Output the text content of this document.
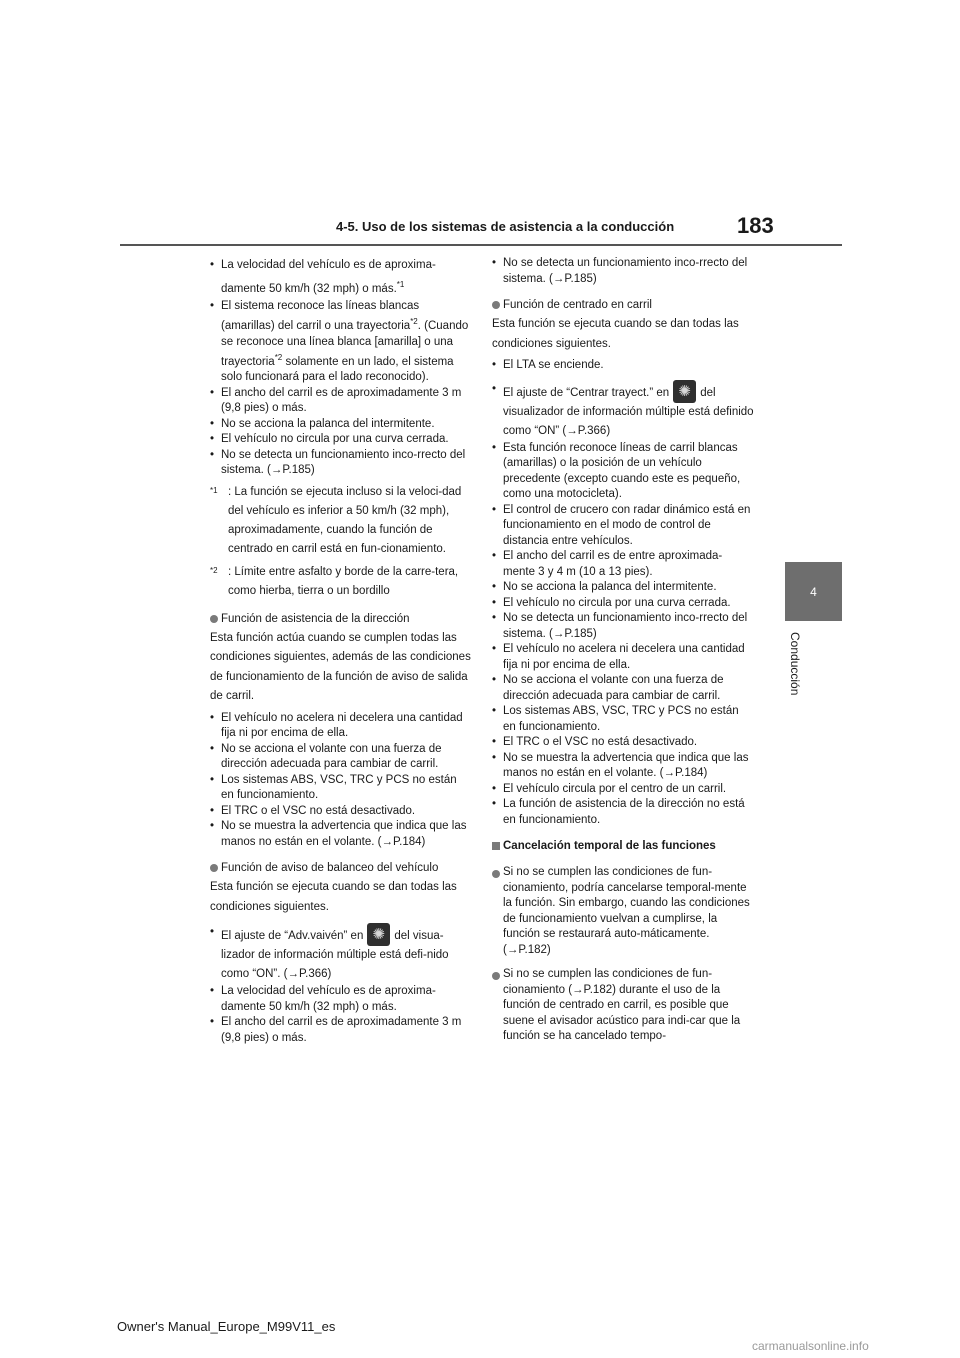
4-5. Uso de los sistemas de asistencia a la conducción	183
4
Conducción

• La velocidad del vehículo es de aproxima-damente 50 km/h (32 mph) o más.$^{*1}$

• El sistema reconoce las líneas blancas (amarillas) del carril o una trayectoria$^{*2}$. (Cuando se reconoce una línea blanca [amarilla] o una trayectoria$^{*2}$ solamente en un lado, el sistema solo funcionará para el lado reconocido).

• El ancho del carril es de aproximadamente 3 m (9,8 pies) o más.

• No se acciona la palanca del intermitente.

• El vehículo no circula por una curva cerrada.

• No se detecta un funcionamiento inco-rrecto del sistema. (→P.185)

*1 : La función se ejecuta incluso si la veloci-dad del vehículo es inferior a 50 km/h (32 mph), aproximadamente, cuando la función de centrado en carril está en fun-cionamiento.
*2 : Límite entre asfalto y borde de la carre-tera, como hierba, tierra o un bordillo
Función de asistencia de la dirección

Esta función actúa cuando se cumplen todas las condiciones siguientes, además de las condiciones de funcionamiento de la función de aviso de salida de carril.

• El vehículo no acelera ni decelera una cantidad fija ni por encima de ella.

• No se acciona el volante con una fuerza de dirección adecuada para cambiar de carril.

• Los sistemas ABS, VSC, TRC y PCS no están en funcionamiento.

• El TRC o el VSC no está desactivado.

• No se muestra la advertencia que indica que las manos no están en el volante. (→P.184)

Función de aviso de balanceo del vehículo

Esta función se ejecuta cuando se dan todas las condiciones siguientes.

• El ajuste de “Adv.vaivén” en ✺	del visua-lizador de información múltiple está defi-nido como “ON”. (→P.366)

• La velocidad del vehículo es de aproxima-damente 50 km/h (32 mph) o más.

• El ancho del carril es de aproximadamente 3 m (9,8 pies) o más.

• No se detecta un funcionamiento inco-rrecto del sistema. (→P.185)

Función de centrado en carril

Esta función se ejecuta cuando se dan todas las condiciones siguientes.

• El LTA se enciende.

• El ajuste de “Centrar trayect.” en ✺	del visualizador de información múltiple está definido como “ON” (→P.366)

• Esta función reconoce líneas de carril blancas (amarillas) o la posición de un vehículo precedente (excepto cuando este es pequeño, como una motocicleta).

• El control de crucero con radar dinámico está en funcionamiento en el modo de control de distancia entre vehículos.

• El ancho del carril es de entre aproximada-mente 3 y 4 m (10 a 13 pies).

• No se acciona la palanca del intermitente.

• El vehículo no circula por una curva cerrada.

• No se detecta un funcionamiento inco-rrecto del sistema. (→P.185)

• El vehículo no acelera ni decelera una cantidad fija ni por encima de ella.

• No se acciona el volante con una fuerza de dirección adecuada para cambiar de carril.

• Los sistemas ABS, VSC, TRC y PCS no están en funcionamiento.

• El TRC o el VSC no está desactivado.

• No se muestra la advertencia que indica que las manos no están en el volante. (→P.184)

• El vehículo circula por el centro de un carril.

• La función de asistencia de la dirección no está en funcionamiento.

Cancelación temporal de las funciones
Si no se cumplen las condiciones de fun-cionamiento, podría cancelarse temporal-mente la función. Sin embargo, cuando las condiciones de funcionamiento vuelvan a cumplirse, la función se restaurará auto-máticamente. (→P.182)
Si no se cumplen las condiciones de fun-cionamiento (→P.182) durante el uso de la función de centrado en carril, es posible que suene el avisador acústico para indi-car que la función se ha cancelado tempo-
Owner's Manual_Europe_M99V11_es
carmanualsonline.info
